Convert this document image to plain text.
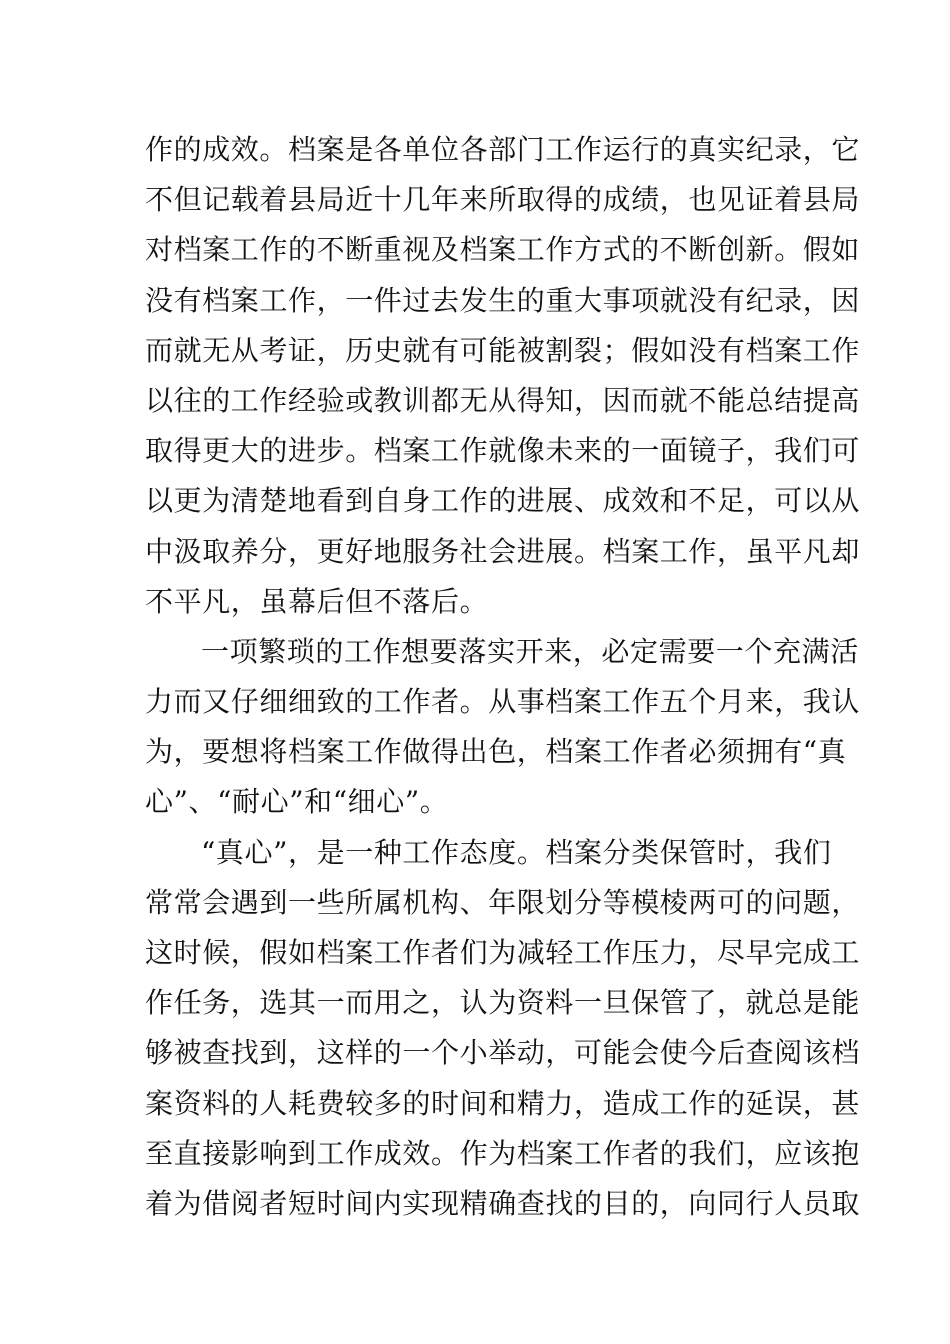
作的成效。档案是各单位各部门工作运行的真实纪录，它
不但记载着县局近十几年来所取得的成绩，也见证着县局
对档案工作的不断重视及档案工作方式的不断创新。假如
没有档案工作，一件过去发生的重大事项就没有纪录，因
而就无从考证，历史就有可能被割裂；假如没有档案工作
以往的工作经验或教训都无从得知，因而就不能总结提高
取得更大的进步。档案工作就像未来的一面镜子，我们可
以更为清楚地看到自身工作的进展、成效和不足，可以从
中汲取养分，更好地服务社会进展。档案工作，虽平凡却
不平凡，虽幕后但不落后。
一项繁琐的工作想要落实开来，必定需要一个充满活
力而又仔细细致的工作者。从事档案工作五个月来，我认
为，要想将档案工作做得出色，档案工作者必须拥有“真
心”、“耐心”和“细心”。
“真心”，是一种工作态度。档案分类保管时，我们
常常会遇到一些所属机构、年限划分等模棱两可的问题，
这时候，假如档案工作者们为减轻工作压力，尽早完成工
作任务，选其一而用之，认为资料一旦保管了，就总是能
够被查找到，这样的一个小举动，可能会使今后查阅该档
案资料的人耗费较多的时间和精力，造成工作的延误，甚
至直接影响到工作成效。作为档案工作者的我们，应该抱
着为借阅者短时间内实现精确查找的目的，向同行人员取
